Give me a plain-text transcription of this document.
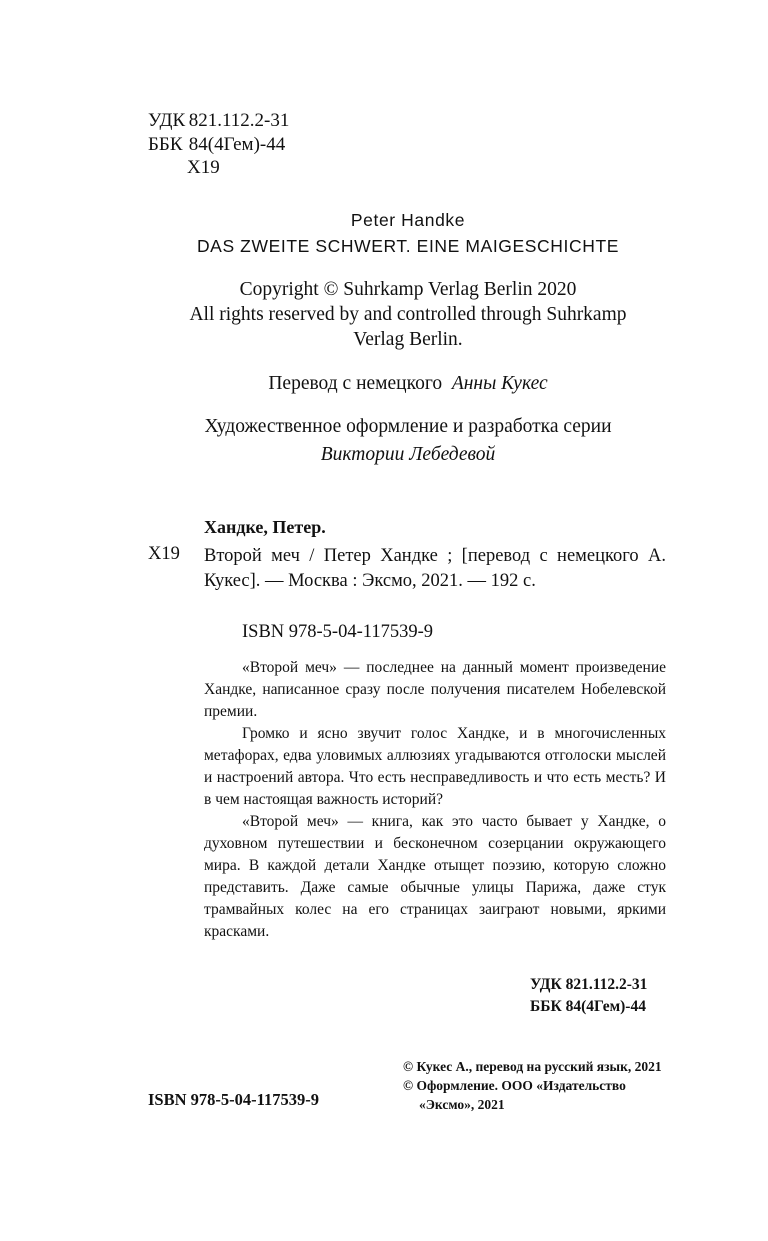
УДК 821.112.2-31
ББК 84(4Гем)-44
Х19
Peter Handke
DAS ZWEITE SCHWERT. EINE MAIGESCHICHTE
Copyright © Suhrkamp Verlag Berlin 2020
All rights reserved by and controlled through Suhrkamp
Verlag Berlin.
Перевод с немецкого Анны Кукес
Художественное оформление и разработка серии
Виктории Лебедевой
Хандке, Петер.
Х19 Второй меч / Петер Хандке ; [перевод с немецкого А. Кукес]. — Москва : Эксмо, 2021. — 192 с.
ISBN 978-5-04-117539-9

«Второй меч» — последнее на данный момент произведение Хандке, написанное сразу после получения писателем Нобелевской премии.

Громко и ясно звучит голос Хандке, и в многочисленных метафорах, едва уловимых аллюзиях угадываются отголоски мыслей и настроений автора. Что есть несправедливость и что есть месть? И в чем настоящая важность историй?

«Второй меч» — книга, как это часто бывает у Хандке, о духовном путешествии и бесконечном созерцании окружающего мира. В каждой детали Хандке отыщет поэзию, которую сложно представить. Даже самые обычные улицы Парижа, даже стук трамвайных колес на его страницах заиграют новыми, яркими красками.

УДК 821.112.2-31
ББК 84(4Гем)-44
ISBN 978-5-04-117539-9
© Кукес А., перевод на русский язык, 2021
© Оформление. ООО «Издательство
«Эксмо», 2021
